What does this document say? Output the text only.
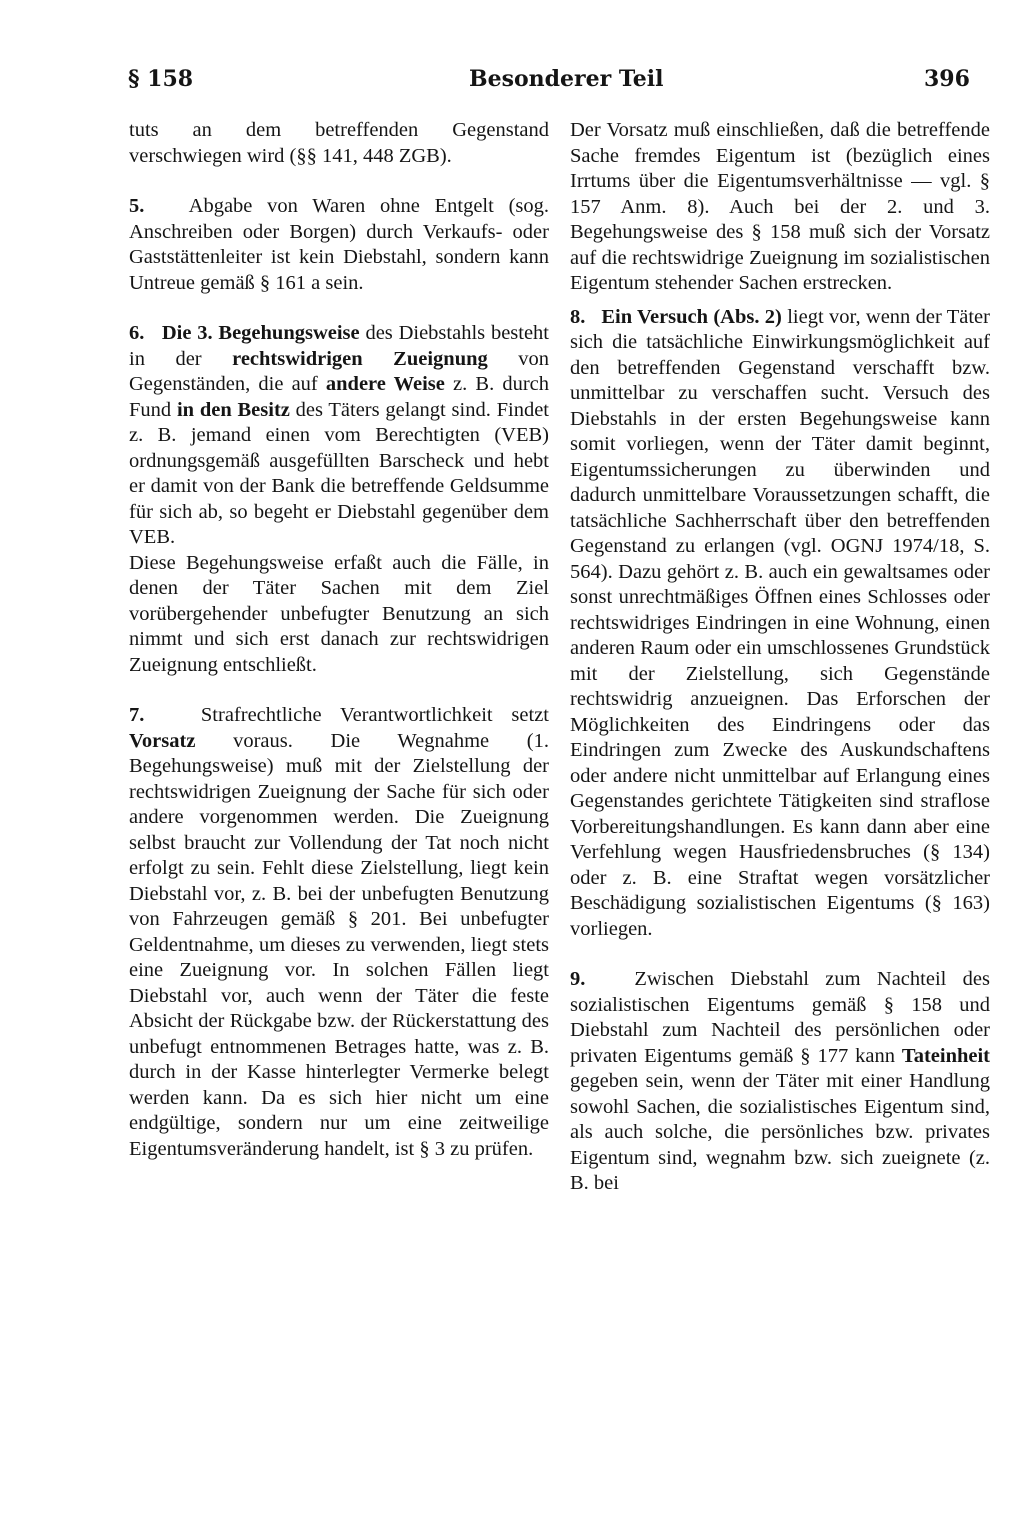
§ 158	Besonderer Teil	396

tuts an dem betreffenden Gegenstand verschwiegen wird (§§ 141, 448 ZGB).

5. Abgabe von Waren ohne Entgelt (sog. Anschreiben oder Borgen) durch Verkaufs- oder Gaststättenleiter ist kein Diebstahl, sondern kann Untreue gemäß § 161 a sein.

6. Die 3. Begehungsweise des Diebstahls besteht in der rechtswidrigen Zueignung von Gegenständen, die auf andere Weise z. B. durch Fund in den Besitz des Täters gelangt sind. Findet z. B. jemand einen vom Berechtigten (VEB) ordnungsgemäß ausgefüllten Barscheck und hebt er damit von der Bank die betreffende Geldsumme für sich ab, so begeht er Diebstahl gegenüber dem VEB.

Diese Begehungsweise erfaßt auch die Fälle, in denen der Täter Sachen mit dem Ziel vorübergehender unbefugter Benutzung an sich nimmt und sich erst danach zur rechtswidrigen Zueignung entschließt.

7.	Strafrechtliche Verantwortlichkeit setzt Vorsatz voraus. Die Wegnahme (1. Begehungsweise) muß mit der Zielstellung der rechtswidrigen Zueignung der Sache für sich oder andere vorgenommen werden. Die Zueignung selbst braucht zur Vollendung der Tat noch nicht erfolgt zu sein. Fehlt diese Zielstellung, liegt kein Diebstahl vor, z. B. bei der unbefugten Benutzung von Fahrzeugen gemäß § 201. Bei unbefugter Geldentnahme, um dieses zu verwenden, liegt stets eine Zueignung vor. In solchen Fällen liegt Diebstahl vor, auch wenn der Täter die feste Absicht der Rückgabe bzw. der Rückerstattung des unbefugt entnommenen Betrages hatte, was z. B. durch in der Kasse hinterlegter Vermerke belegt werden kann. Da es sich hier nicht um eine endgültige, sondern nur um eine zeitweilige Eigentumsveränderung handelt, ist § 3 zu prüfen.

Der Vorsatz muß einschließen, daß die betreffende Sache fremdes Eigentum ist (bezüglich eines Irrtums über die Eigentumsverhältnisse — vgl. § 157 Anm. 8). Auch bei der 2. und 3. Begehungsweise des § 158 muß sich der Vorsatz auf die rechtswidrige Zueignung im sozialistischen Eigentum stehender Sachen erstrecken.

8. Ein Versuch (Abs. 2) liegt vor, wenn der Täter sich die tatsächliche Einwirkungsmöglichkeit auf den betreffenden Gegenstand verschafft bzw. unmittelbar zu verschaffen sucht. Versuch des Diebstahls in der ersten Begehungsweise kann somit vorliegen, wenn der Täter damit beginnt, Eigentumssicherungen zu überwinden und dadurch unmittelbare Voraussetzungen schafft, die tatsächliche Sachherrschaft über den betreffenden Gegenstand zu erlangen (vgl. OGNJ 1974/18, S. 564). Dazu gehört z. B. auch ein gewaltsames oder sonst unrechtmäßiges Öffnen eines Schlosses oder rechtswidriges Eindringen in eine Wohnung, einen anderen Raum oder ein umschlossenes Grundstück mit der Zielstellung, sich Gegenstände rechtswidrig anzueignen. Das Erforschen der Möglichkeiten des Eindringens oder das Eindringen zum Zwecke des Auskundschaftens oder andere nicht unmittelbar auf Erlangung eines Gegenstandes gerichtete Tätigkeiten sind straflose Vorbereitungshandlungen. Es kann dann aber eine Verfehlung wegen Hausfriedensbruches (§ 134) oder z. B. eine Straftat wegen vorsätzlicher Beschädigung sozialistischen Eigentums (§ 163) vorliegen.

9. Zwischen Diebstahl zum Nachteil des sozialistischen Eigentums gemäß § 158 und Diebstahl zum Nachteil des persönlichen oder privaten Eigentums gemäß § 177 kann Tateinheit gegeben sein, wenn der Täter mit einer Handlung sowohl Sachen, die sozialistisches Eigentum sind, als auch solche, die persönliches bzw. privates Eigentum sind, wegnahm bzw. sich zueignete (z. B. bei
